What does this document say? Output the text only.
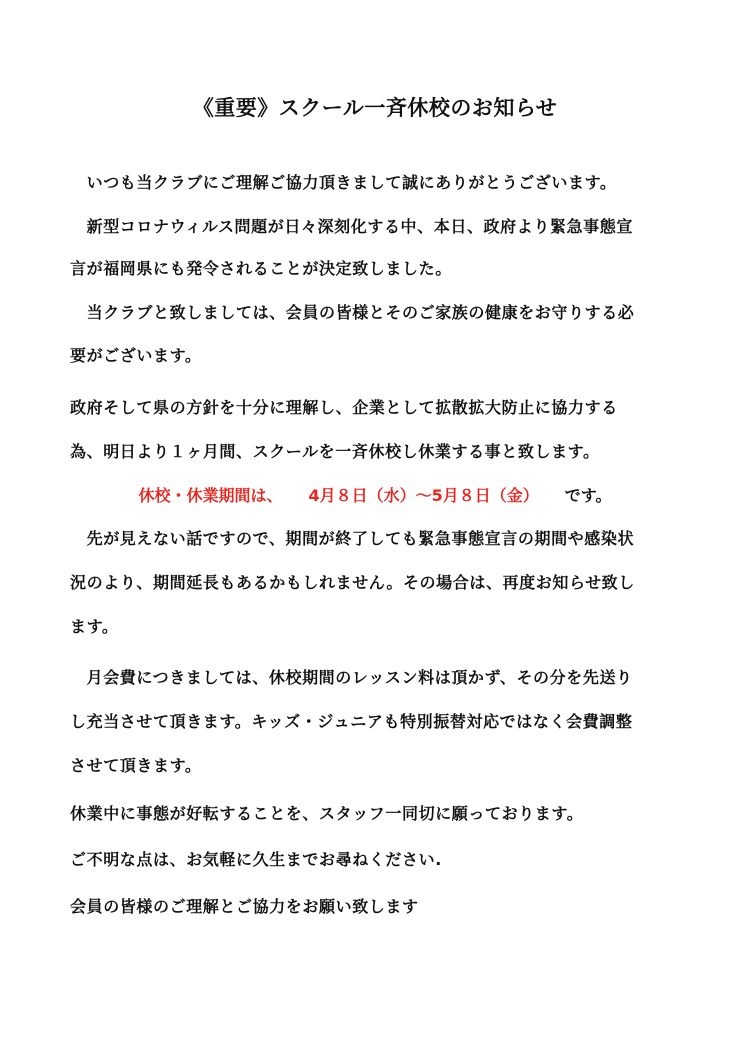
《重要》スクール一斉休校のお知らせ
　いつも当クラブにご理解ご協力頂きまして誠にありがとうございます。
　新型コロナウィルス問題が日々深刻化する中、本日、政府より緊急事態宣
言が福岡県にも発令されることが決定致しました。
　当クラブと致しましては、会員の皆様とそのご家族の健康をお守りする必
要がございます。
政府そして県の方針を十分に理解し、企業として拡散拡大防止に協力する
為、明日より１ヶ月間、スクールを一斉休校し休業する事と致します。
休校・休業期間は、 4月８日（水）～5月８日（金） です。
　先が見えない話ですので、期間が終了しても緊急事態宣言の期間や感染状
況のより、期間延長もあるかもしれません。その場合は、再度お知らせ致し
ます。
　月会費につきましては、休校期間のレッスン料は頂かず、その分を先送り
し充当させて頂きます。キッズ・ジュニアも特別振替対応ではなく会費調整
させて頂きます。
休業中に事態が好転することを、スタッフ一同切に願っております。
ご不明な点は、お気軽に久生までお尋ねください.
会員の皆様のご理解とご協力をお願い致します
